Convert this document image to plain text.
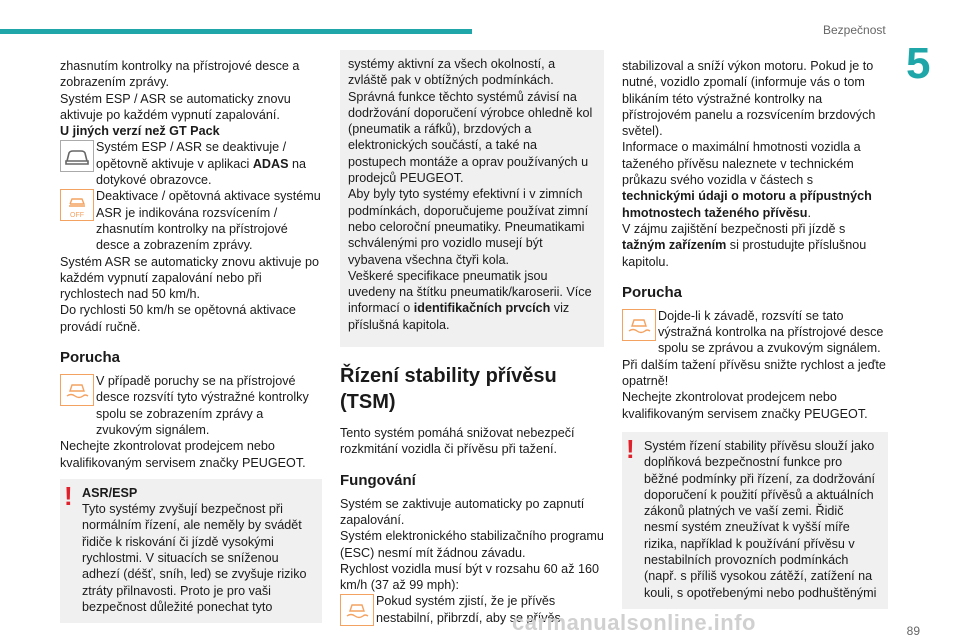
Bezpečnost
5

zhasnutím kontrolky na přístrojové desce a zobrazením zprávy.

Systém ESP / ASR se automaticky znovu aktivuje po každém vypnutí zapalování.

U jiných verzí než GT Pack

Systém ESP / ASR se deaktivuje / opětovně aktivuje v aplikaci ADAS na dotykové obrazovce.

OFF

Deaktivace / opětovná aktivace systému ASR je indikována rozsvícením / zhasnutím kontrolky na přístrojové desce a zobrazením zprávy.

Systém ASR se automaticky znovu aktivuje po každém vypnutí zapalování nebo při rychlostech nad 50 km/h.

Do rychlosti 50 km/h se opětovná aktivace provádí ručně.

Porucha

V případě poruchy se na přístrojové desce rozsvítí tyto výstražné kontrolky spolu se zobrazením zprávy a zvukovým signálem.

Nechejte zkontrolovat prodejcem nebo kvalifikovaným servisem značky PEUGEOT.

! ASR/ESP

Tyto systémy zvyšují bezpečnost při normálním řízení, ale neměly by svádět řidiče k riskování či jízdě vysokými rychlostmi. V situacích se sníženou adhezí (déšť, sníh, led) se zvyšuje riziko ztráty přilnavosti. Proto je pro vaši bezpečnost důležité ponechat tyto

systémy aktivní za všech okolností, a zvláště pak v obtížných podmínkách.

Správná funkce těchto systémů závisí na dodržování doporučení výrobce ohledně kol (pneumatik a ráfků), brzdových a elektronických součástí, a také na postupech montáže a oprav používaných u prodejců PEUGEOT.

Aby byly tyto systémy efektivní i v zimních podmínkách, doporučujeme používat zimní nebo celoroční pneumatiky. Pneumatikami schválenými pro vozidlo musejí být vybavena všechna čtyři kola.

Veškeré specifikace pneumatik jsou uvedeny na štítku pneumatik/karoserii. Více informací o identifikačních prvcích viz příslušná kapitola.

Řízení stability přívěsu (TSM)

Tento systém pomáhá snižovat nebezpečí rozkmitání vozidla či přívěsu při tažení.

Fungování

Systém se zaktivuje automaticky po zapnutí zapalování.

Systém elektronického stabilizačního programu (ESC) nesmí mít žádnou závadu.

Rychlost vozidla musí být v rozsahu 60 až 160 km/h (37 až 99 mph):

Pokud systém zjistí, že je přívěs nestabilní, přibrzdí, aby se přívěs

stabilizoval a sníží výkon motoru. Pokud je to nutné, vozidlo zpomalí (informuje vás o tom blikáním této výstražné kontrolky na přístrojovém panelu a rozsvícením brzdových světel).

Informace o maximální hmotnosti vozidla a taženého přívěsu naleznete v technickém průkazu svého vozidla v částech s technickými údaji o motoru a přípustných hmotnostech taženého přívěsu.

V zájmu zajištění bezpečnosti při jízdě s tažným zařízením si prostudujte příslušnou kapitolu.

Porucha

Dojde-li k závadě, rozsvítí se tato výstražná kontrolka na přístrojové desce spolu se zprávou a zvukovým signálem.

Při dalším tažení přívěsu snižte rychlost a jeďte opatrně!

Nechejte zkontrolovat prodejcem nebo kvalifikovaným servisem značky PEUGEOT.

! Systém řízení stability přívěsu slouží jako doplňková bezpečnostní funkce pro běžné podmínky při řízení, za dodržování doporučení k použití přívěsů a aktuálních zákonů platných ve vaší zemi. Řidič nesmí systém zneužívat k vyšší míře rizika, například k používání přívěsu v nestabilních provozních podmínkách (např. s příliš vysokou zátěží, zatížení na kouli, s opotřebenými nebo podhuštěnými

89
carmanualsonline.info
